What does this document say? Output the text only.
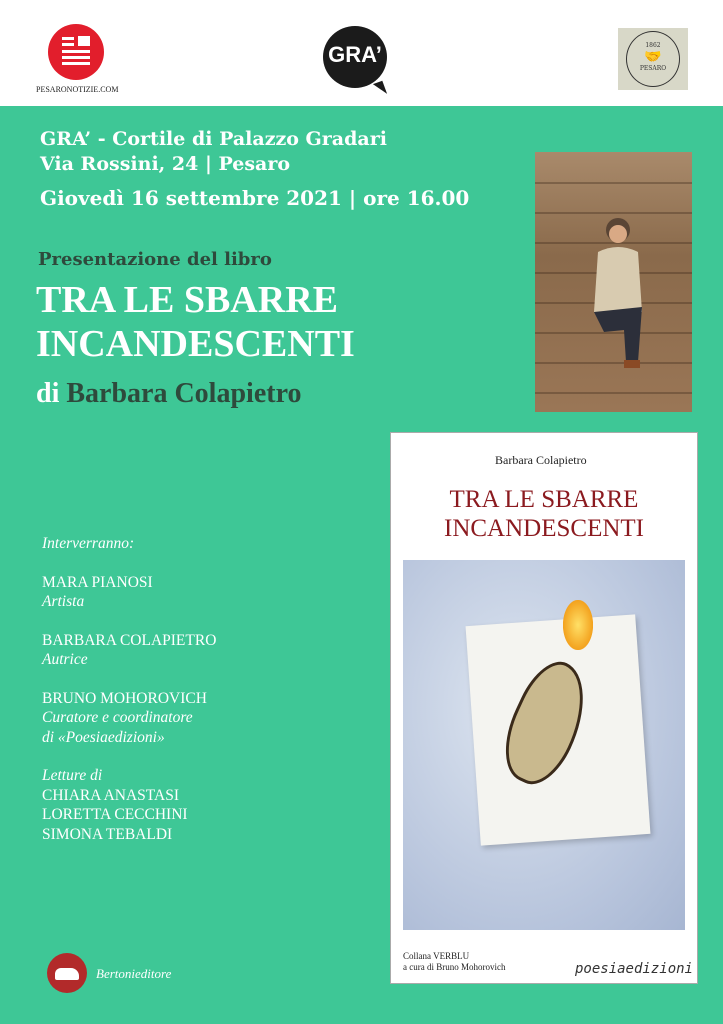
PESARONOTIZIE.COM
GRA’	1862
🤝
PESARO
GRA’ - Cortile di Palazzo Gradari
Via Rossini, 24 | Pesaro
Giovedì 16 settembre 2021 | ore 16.00
Presentazione del libro
TRA LE SBARRE
INCANDESCENTI
di Barbara Colapietro
Barbara Colapietro
TRA LE SBARRE
INCANDESCENTI
Collana VERBLU
a cura di Bruno Mohorovich	poesiaedizioni
Interverranno:
MARA PIANOSI
Artista
BARBARA COLAPIETRO
Autrice
BRUNO MOHOROVICH
Curatore e coordinatore
di «Poesiaedizioni»
Letture di
CHIARA ANASTASI
LORETTA CECCHINI
SIMONA TEBALDI
Bertonieditore
